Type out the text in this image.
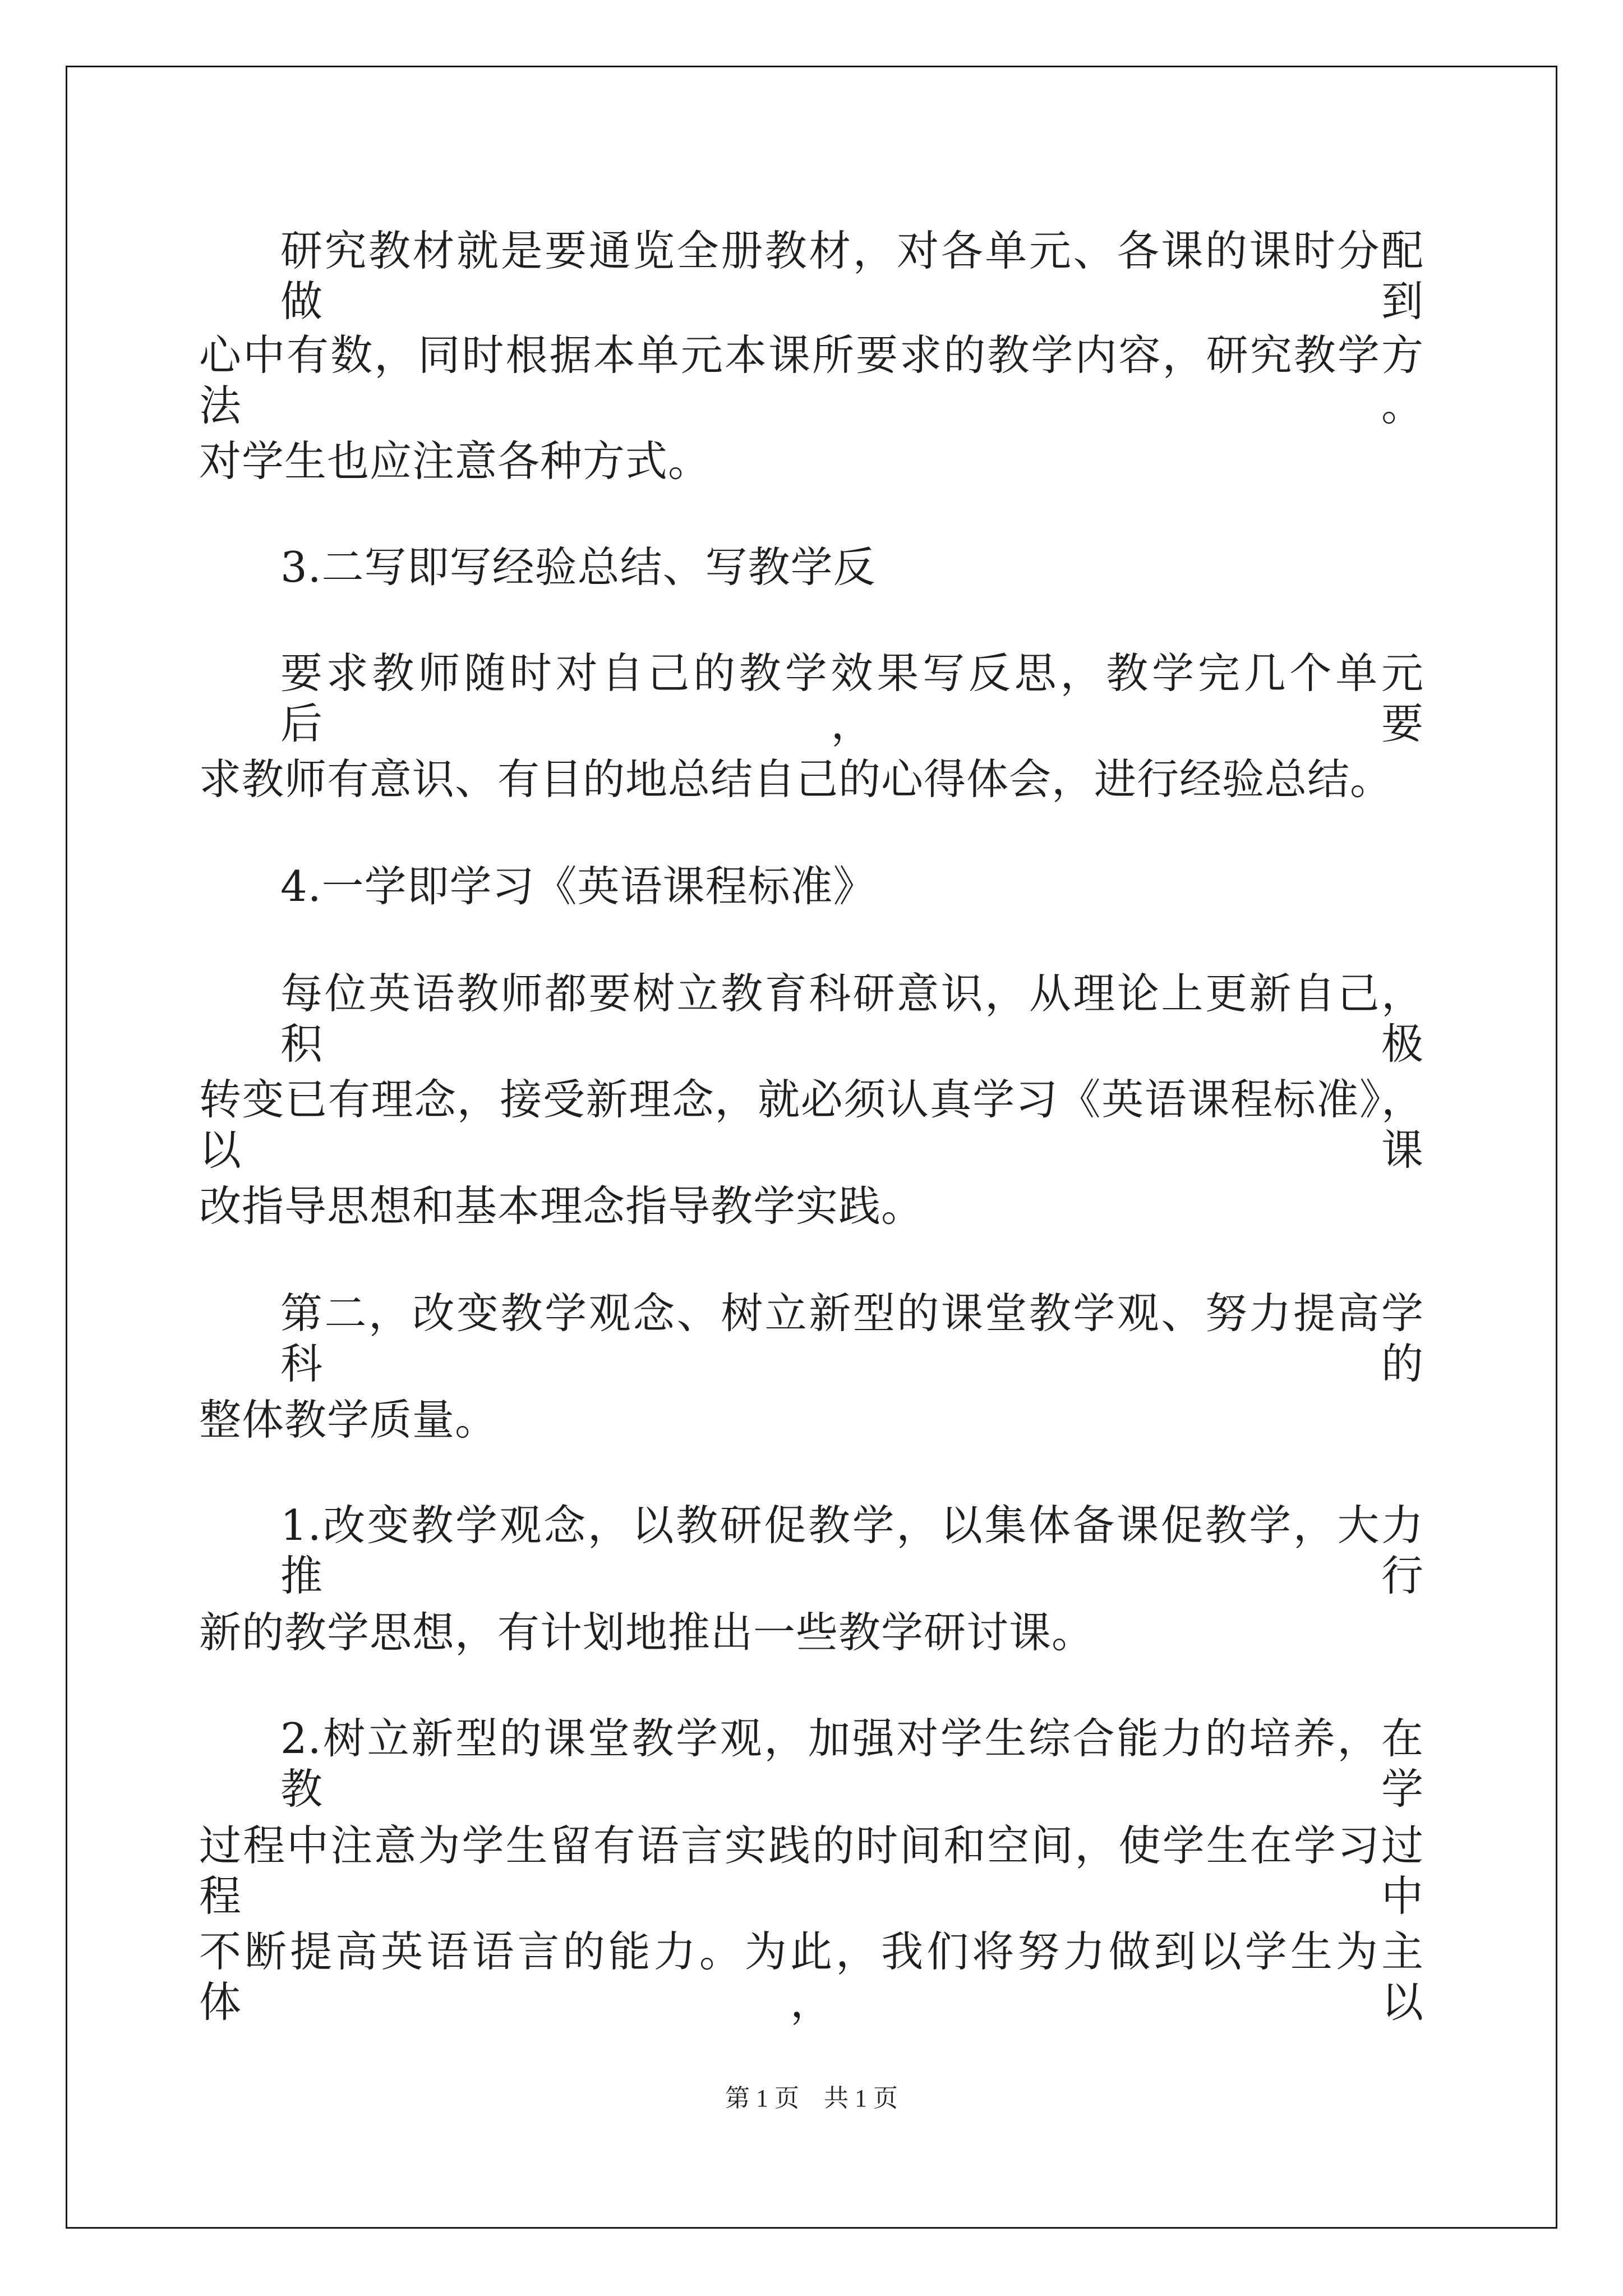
研究教材就是要通览全册教材，对各单元、各课的课时分配做到

心中有数，同时根据本单元本课所要求的教学内容，研究教学方法。

对学生也应注意各种方式。

3.二写即写经验总结、写教学反

要求教师随时对自己的教学效果写反思，教学完几个单元后，要

求教师有意识、有目的地总结自己的心得体会，进行经验总结。

4.一学即学习《英语课程标准》

每位英语教师都要树立教育科研意识，从理论上更新自己，积极

转变已有理念，接受新理念，就必须认真学习《英语课程标准》，以课

改指导思想和基本理念指导教学实践。

第二，改变教学观念、树立新型的课堂教学观、努力提高学科的

整体教学质量。

1.改变教学观念，以教研促教学，以集体备课促教学，大力推行

新的教学思想，有计划地推出一些教学研讨课。

2.树立新型的课堂教学观，加强对学生综合能力的培养，在教学

过程中注意为学生留有语言实践的时间和空间，使学生在学习过程中

不断提高英语语言的能力。为此，我们将努力做到以学生为主体，以

第 1 页    共 1 页
